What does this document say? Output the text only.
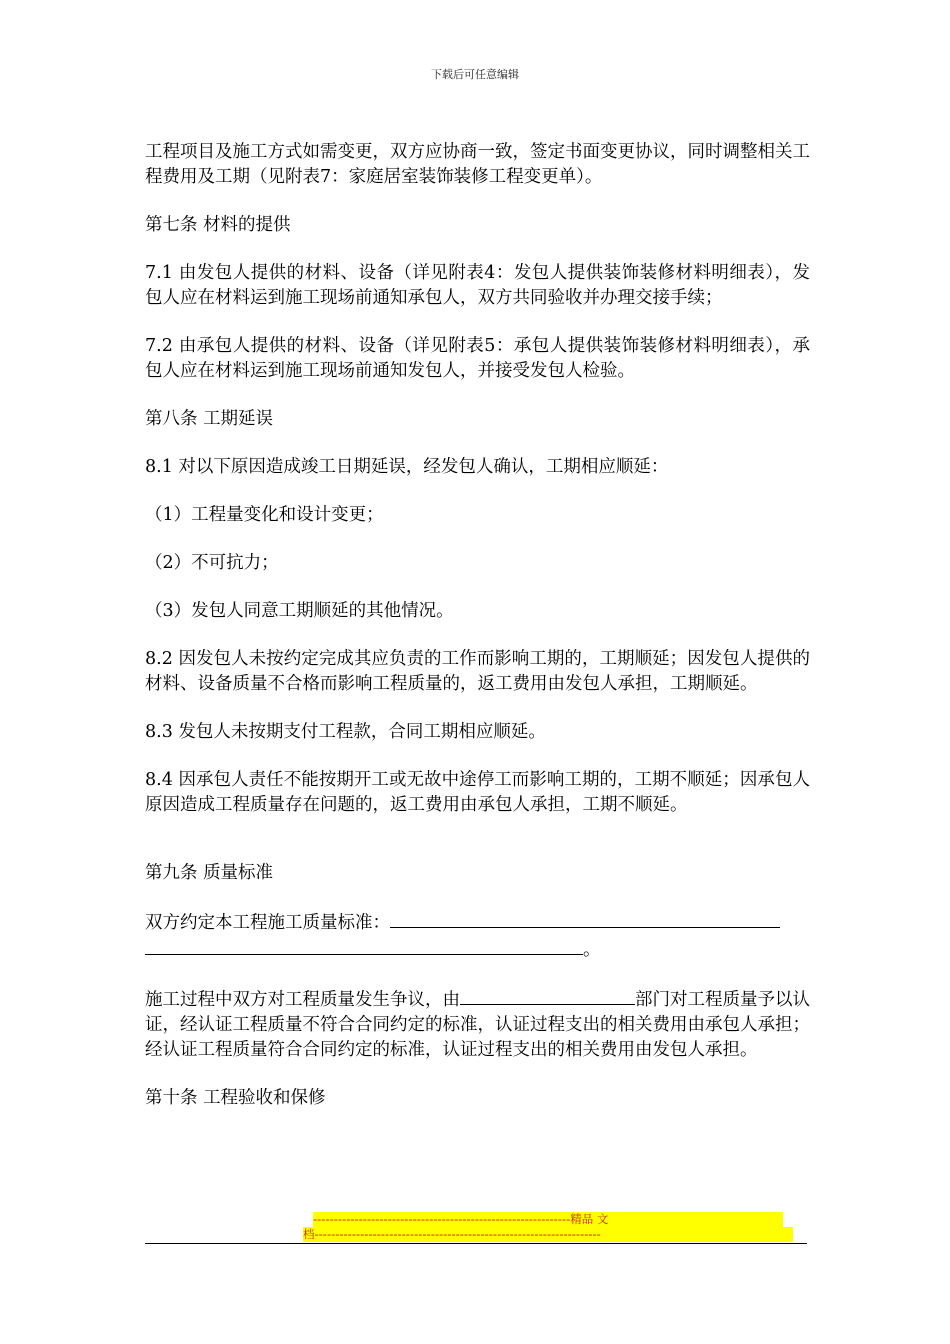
下载后可任意编辑

工程项目及施工方式如需变更，双方应协商一致，签定书面变更协议，同时调整相关工程费用及工期（见附表7：家庭居室装饰装修工程变更单）。

第七条 材料的提供

7.1 由发包人提供的材料、设备（详见附表4：发包人提供装饰装修材料明细表），发包人应在材料运到施工现场前通知承包人，双方共同验收并办理交接手续；

7.2 由承包人提供的材料、设备（详见附表5：承包人提供装饰装修材料明细表），承包人应在材料运到施工现场前通知发包人，并接受发包人检验。

第八条 工期延误

8.1 对以下原因造成竣工日期延误，经发包人确认，工期相应顺延：

（1）工程量变化和设计变更；

（2）不可抗力；

（3）发包人同意工期顺延的其他情况。

8.2 因发包人未按约定完成其应负责的工作而影响工期的，工期顺延；因发包人提供的材料、设备质量不合格而影响工程质量的，返工费用由发包人承担，工期顺延。

8.3 发包人未按期支付工程款，合同工期相应顺延。

8.4 因承包人责任不能按期开工或无故中途停工而影响工期的，工期不顺延；因承包人原因造成工程质量存在问题的，返工费用由承包人承担，工期不顺延。

第九条 质量标准

双方约定本工程施工质量标准：
。

施工过程中双方对工程质量发生争议，由	部门对工程质量予以认证，经认证工程质量不符合合同约定的标准，认证过程支出的相关费用由承包人承担；经认证工程质量符合合同约定的标准，认证过程支出的相关费用由发包人承担。

第十条 工程验收和保修

--------------------------------------------------------------精品 文
档---------------------------------------------------------------------
